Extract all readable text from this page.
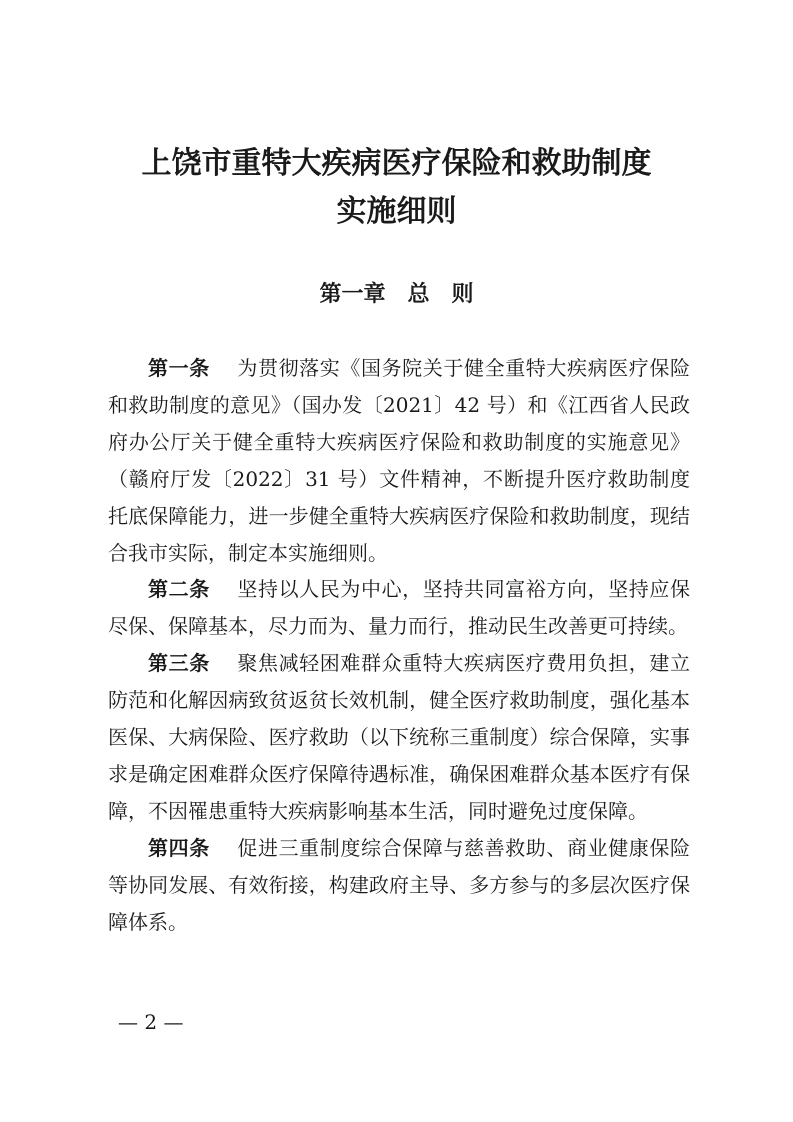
上饶市重特大疾病医疗保险和救助制度
实施细则
第一章　总　则

第一条　 为贯彻落实《国务院关于健全重特大疾病医疗保险和救助制度的意见》（国办发〔2021〕42 号）和《江西省人民政府办公厅关于健全重特大疾病医疗保险和救助制度的实施意见》（赣府厅发〔2022〕31 号）文件精神，不断提升医疗救助制度托底保障能力，进一步健全重特大疾病医疗保险和救助制度，现结合我市实际，制定本实施细则。

第二条　 坚持以人民为中心，坚持共同富裕方向，坚持应保尽保、保障基本，尽力而为、量力而行，推动民生改善更可持续。

第三条　 聚焦减轻困难群众重特大疾病医疗费用负担，建立防范和化解因病致贫返贫长效机制，健全医疗救助制度，强化基本医保、大病保险、医疗救助（以下统称三重制度）综合保障，实事求是确定困难群众医疗保障待遇标准，确保困难群众基本医疗有保障，不因罹患重特大疾病影响基本生活，同时避免过度保障。

第四条　 促进三重制度综合保障与慈善救助、商业健康保险等协同发展、有效衔接，构建政府主导、多方参与的多层次医疗保障体系。

— 2 —
